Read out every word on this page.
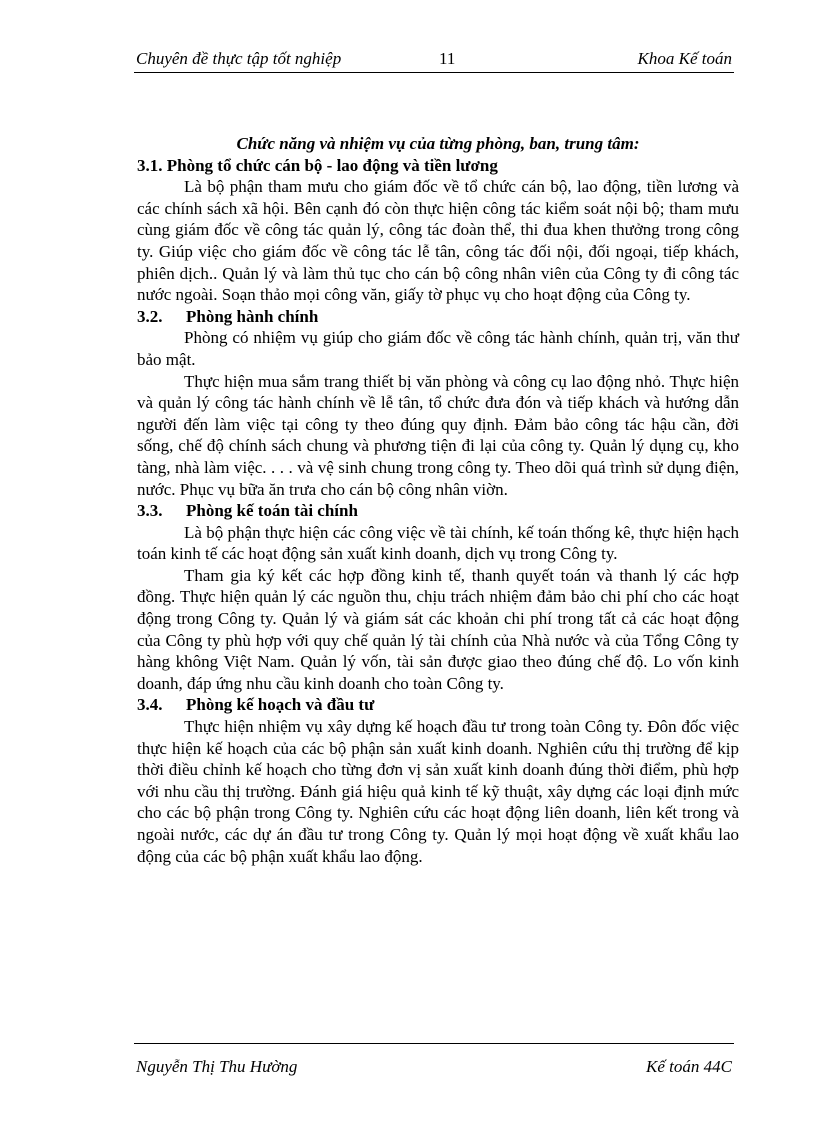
Chuyên đề thực tập tốt nghiệp	11	Khoa Kế toán

Chức năng và nhiệm vụ của từng phòng, ban, trung tâm:

3.1. Phòng tổ chức cán bộ - lao động và tiền lương

Là bộ phận tham mưu cho giám đốc về tổ chức cán bộ, lao động, tiền lương và các chính sách xã hội. Bên cạnh đó còn thực hiện công tác kiểm soát nội bộ; tham mưu cùng giám đốc về công tác quản lý, công tác đoàn thể, thi đua khen thưởng trong công ty. Giúp việc cho giám đốc về công tác lễ tân, công tác đối nội, đối ngoại, tiếp khách, phiên dịch.. Quản lý và làm thủ tục cho cán bộ công nhân viên của Công ty đi công tác nước ngoài. Soạn thảo mọi công văn, giấy tờ phục vụ cho hoạt động của Công ty.

3.2. Phòng hành chính

Phòng có nhiệm vụ giúp cho giám đốc về công tác hành chính, quản trị, văn thư bảo mật.

Thực hiện mua sắm trang thiết bị văn phòng và công cụ lao động nhỏ. Thực hiện và quản lý công tác hành chính về lễ tân, tổ chức đưa đón và tiếp khách và hướng dẫn người đến làm việc tại công ty theo đúng quy định. Đảm bảo công tác hậu cần, đời sống, chế độ chính sách chung và phương tiện đi lại của công ty. Quản lý dụng cụ, kho tàng, nhà làm việc. . . . và vệ sinh chung trong công ty. Theo dõi quá trình sử dụng điện, nước. Phục vụ bữa ăn trưa cho cán bộ công nhân viờn.

3.3. Phòng kế toán tài chính

Là bộ phận thực hiện các công việc về tài chính, kế toán thống kê, thực hiện hạch toán kinh tế các hoạt động sản xuất kinh doanh, dịch vụ trong Công ty.

Tham gia ký kết các hợp đồng kinh tế, thanh quyết toán và thanh lý các hợp đồng. Thực hiện quản lý các nguồn thu, chịu trách nhiệm đảm bảo chi phí cho các hoạt động trong Công ty. Quản lý và giám sát các khoản chi phí trong tất cả các hoạt động của Công ty phù hợp với quy chế quản lý tài chính của Nhà nước và của Tổng Công ty hàng không Việt Nam. Quản lý vốn, tài sản được giao theo đúng chế độ. Lo vốn kinh doanh, đáp ứng nhu cầu kinh doanh cho toàn Công ty.

3.4. Phòng kế hoạch và đầu tư

Thực hiện nhiệm vụ xây dựng kế hoạch đầu tư trong toàn Công ty. Đôn đốc việc thực hiện kế hoạch của các bộ phận sản xuất kinh doanh. Nghiên cứu thị trường để kịp thời điều chỉnh kế hoạch cho từng đơn vị sản xuất kinh doanh đúng thời điểm, phù hợp với nhu cầu thị trường. Đánh giá hiệu quả kinh tế kỹ thuật, xây dựng các loại định mức cho các bộ phận trong Công ty. Nghiên cứu các hoạt động liên doanh, liên kết trong và ngoài nước, các dự án đầu tư trong Công ty. Quản lý mọi hoạt động về xuất khẩu lao động của các bộ phận xuất khẩu lao động.

Nguyễn Thị Thu Hường	Kế toán 44C
